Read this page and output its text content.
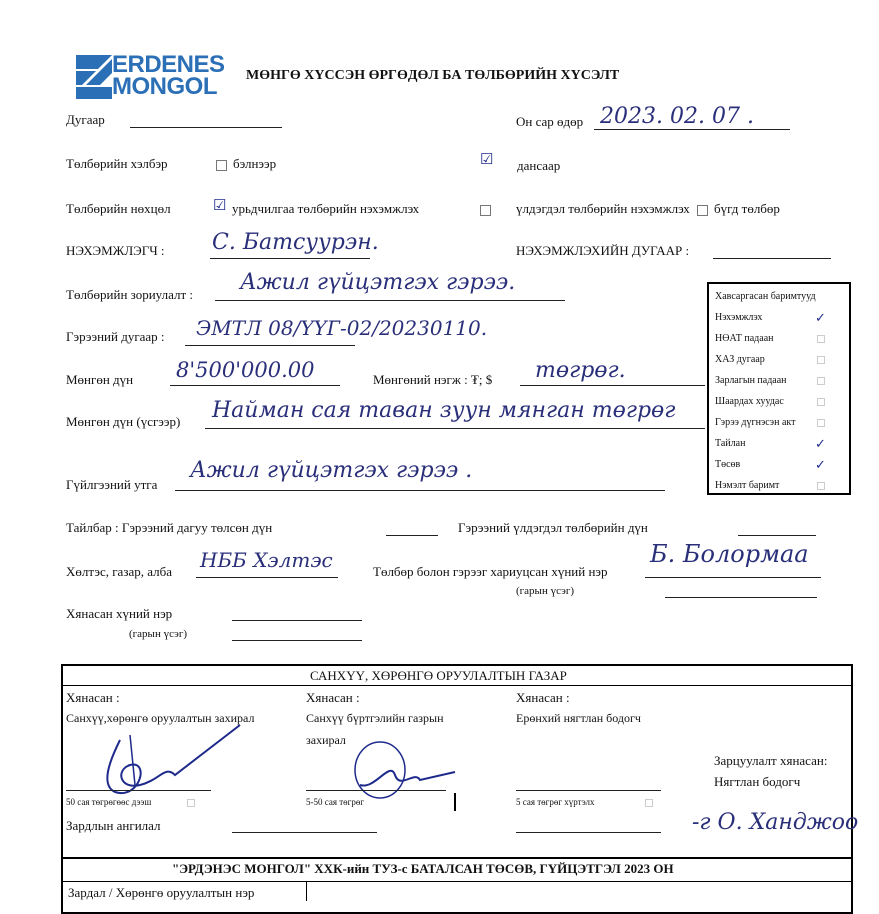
ERDENES
MONGOL МӨНГӨ ХҮССЭН ӨРГӨДӨЛ БА ТӨЛБӨРИЙН ХҮСЭЛТ
Дугаар	Он сар өдөр 2023. 02. 07 .
Төлбөрийн хэлбэр	бэлнээр	☑ дансаар
Төлбөрийн нөхцөл	☑ урьдчилгаа төлбөрийн нэхэмжлэх	үлдэгдэл төлбөрийн нэхэмжлэх бүгд төлбөр
НЭХЭМЖЛЭГЧ : С. Батсуурэн.	НЭХЭМЖЛЭХИЙН ДУГААР :
Хавсаргасан баримтууд
Нэхэмжлэх	✓
НӨАТ падаан
ХАЗ дугаар
Зарлагын падаан
Шаардах хуудас
Гэрээ дүгнэсэн акт
Тайлан	✓
Төсөв	✓
Нэмэлт баримт
Төлбөрийн зориулалт : Ажил гүйцэтгэх гэрээ.
Гэрээний дугаар : ЭМТЛ 08/ҮҮГ-02/20230110.
Мөнгөн дүн 8'500'000.00	Мөнгөний нэгж : ₮; $ төгрөг.
Мөнгөн дүн (үсгээр) Найман сая таван зуун мянган төгрөг
Гүйлгээний утга
Ажил гүйцэтгэх гэрээ .
Тайлбар : Гэрээний дагуу төлсөн дүн	Гэрээний үлдэгдэл төлбөрийн дүн
Хөлтэс, газар, алба НББ Хэлтэс	Төлбөр болон гэрээг хариуцсан хүний нэр
(гарын үсэг)
Б. Болормаа
Хянасан хүний нэр
(гарын үсэг)
САНХҮҮ, ХӨРӨНГӨ ОРУУЛАЛТЫН ГАЗАР
Хянасан :
Санхүү,хөрөнгө оруулалтын захирал
Хянасан :
Санхүү бүртгэлийн газрын
захирал
Хянасан :
Ерөнхий нягтлан бодогч
Зарцуулалт хянасан:
Нягтлан бодогч
50 сая төгрөгөөс дээш	5-50 сая төгрөг	5 сая төгрөг хүртэлх
Зардлын ангилал	-г О. Ханджоо
"ЭРДЭНЭС МОНГОЛ" ХХК-ийн ТУЗ-с БАТАЛСАН ТӨСӨВ, ГҮЙЦЭТГЭЛ 2023 ОН
Зардал / Хөрөнгө оруулалтын нэр
